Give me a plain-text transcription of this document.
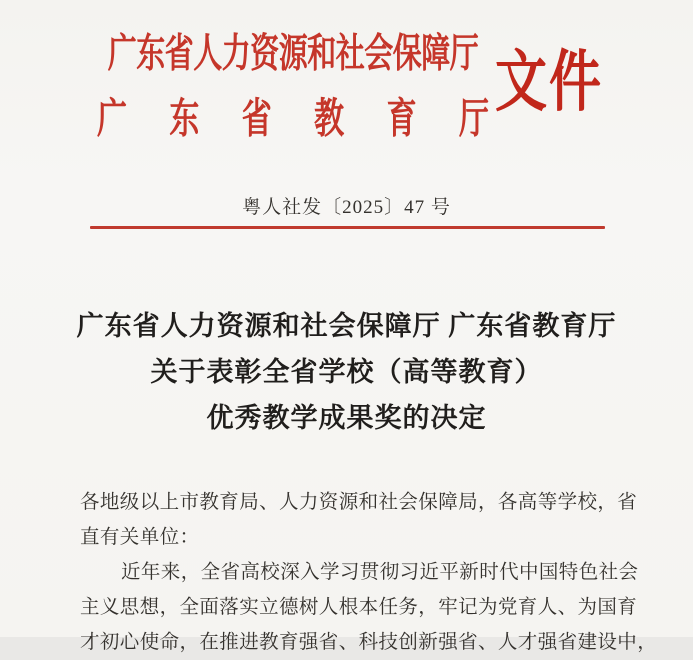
广东省人力资源和社会保障厅
广 东 省 教 育 厅
文件
粤人社发〔2025〕47 号
广东省人力资源和社会保障厅 广东省教育厅
关于表彰全省学校（高等教育）
优秀教学成果奖的决定
各地级以上市教育局、人力资源和社会保障局，各高等学校，省
直有关单位：
近年来，全省高校深入学习贯彻习近平新时代中国特色社会
主义思想，全面落实立德树人根本任务，牢记为党育人、为国育
才初心使命，在推进教育强省、科技创新强省、人才强省建设中，
